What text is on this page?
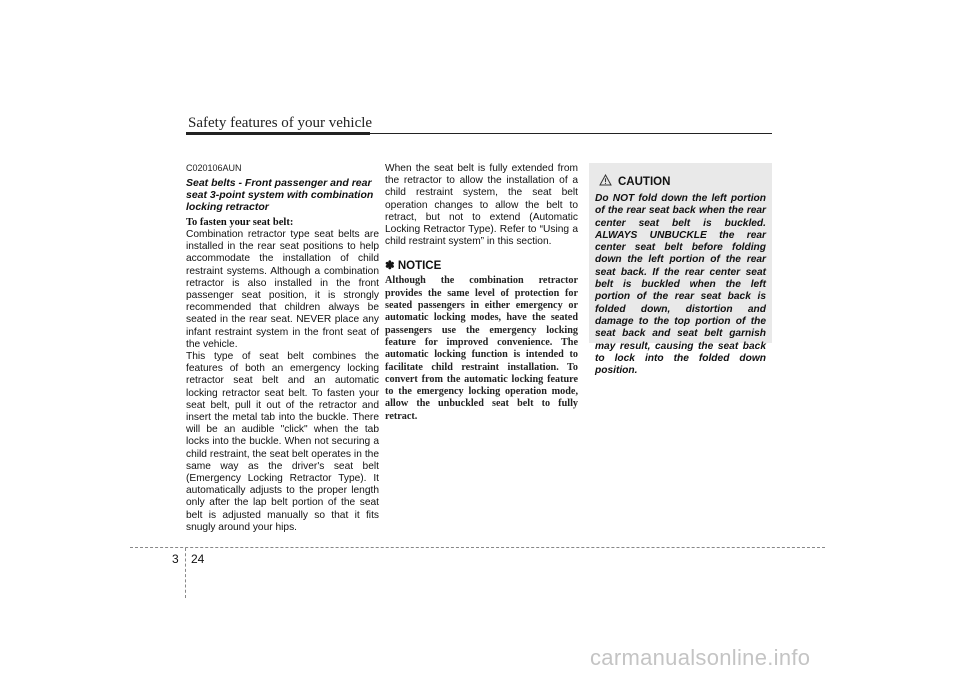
Safety features of your vehicle
C020106AUN

Seat belts - Front passenger and rear seat 3-point system with combination locking retractor

To fasten your seat belt:

Combination retractor type seat belts are installed in the rear seat positions to help accommodate the installation of child restraint systems. Although a combination retractor is also installed in the front passenger seat position, it is strongly recommended that children always be seated in the rear seat. NEVER place any infant restraint system in the front seat of the vehicle.

This type of seat belt combines the features of both an emergency locking retractor seat belt and an automatic locking retractor seat belt. To fasten your seat belt, pull it out of the retractor and insert the metal tab into the buckle. There will be an audible "click" when the tab locks into the buckle. When not securing a child restraint, the seat belt operates in the same way as the driver's seat belt (Emergency Locking Retractor Type). It automatically adjusts to the proper length only after the lap belt portion of the seat belt is adjusted manually so that it fits snugly around your hips.

When the seat belt is fully extended from the retractor to allow the installation of a child restraint system, the seat belt operation changes to allow the belt to retract, but not to extend (Automatic Locking Retractor Type). Refer to “Using a child restraint system” in this section.

✽ NOTICE

Although the combination retractor provides the same level of protection for seated passengers in either emergency or automatic locking modes, have the seated passengers use the emergency locking feature for improved convenience. The automatic locking function is intended to facilitate child restraint installation. To convert from the automatic locking feature to the emergency locking operation mode, allow the unbuckled seat belt to fully retract.

CAUTION

Do NOT fold down the left portion of the rear seat back when the rear center seat belt is buckled. ALWAYS UNBUCKLE the rear center seat belt before folding down the left portion of the rear seat back. If the rear center seat belt is buckled when the left portion of the rear seat back is folded down, distortion and damage to the top portion of the seat back and seat belt garnish may result, causing the seat back to lock into the folded down position.

3 24
carmanualsonline.info
